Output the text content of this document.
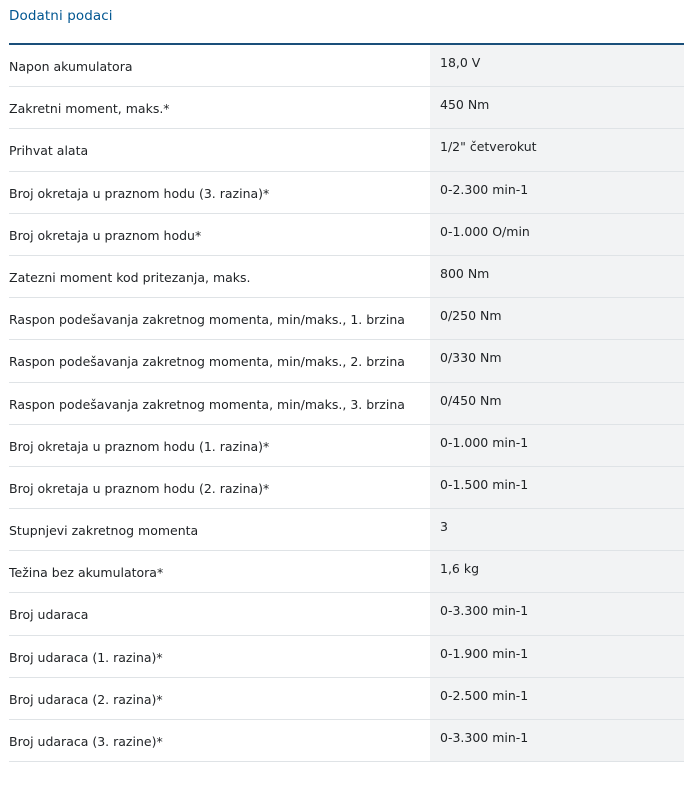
Dodatni podaci
Napon akumulatora	18,0 V
Zakretni moment, maks.*	450 Nm
Prihvat alata	1/2" četverokut
Broj okretaja u praznom hodu (3. razina)*	0-2.300 min-1
Broj okretaja u praznom hodu*	0-1.000 O/min
Zatezni moment kod pritezanja, maks.	800 Nm
Raspon podešavanja zakretnog momenta, min/maks., 1. brzina	0/250 Nm
Raspon podešavanja zakretnog momenta, min/maks., 2. brzina	0/330 Nm
Raspon podešavanja zakretnog momenta, min/maks., 3. brzina	0/450 Nm
Broj okretaja u praznom hodu (1. razina)*	0-1.000 min-1
Broj okretaja u praznom hodu (2. razina)*	0-1.500 min-1
Stupnjevi zakretnog momenta	3
Težina bez akumulatora*	1,6 kg
Broj udaraca	0-3.300 min-1
Broj udaraca (1. razina)*	0-1.900 min-1
Broj udaraca (2. razina)*	0-2.500 min-1
Broj udaraca (3. razine)*	0-3.300 min-1
